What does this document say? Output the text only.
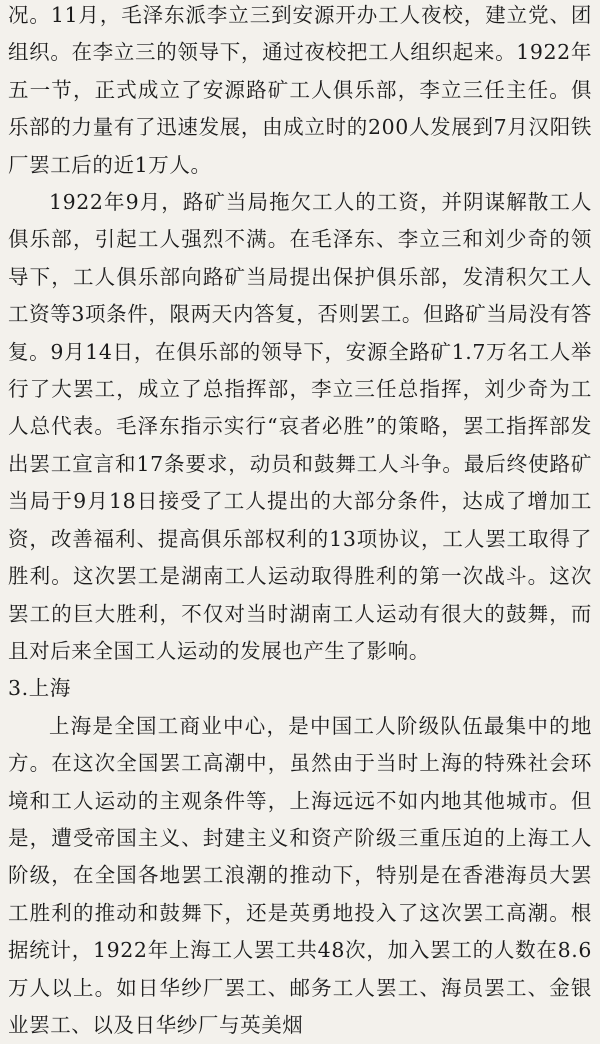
况。11月，毛泽东派李立三到安源开办工人夜校，建立党、团组织。在李立三的领导下，通过夜校把工人组织起来。1922年五一节，正式成立了安源路矿工人俱乐部，李立三任主任。俱乐部的力量有了迅速发展，由成立时的200人发展到7月汉阳铁厂罢工后的近1万人。

1922年9月，路矿当局拖欠工人的工资，并阴谋解散工人俱乐部，引起工人强烈不满。在毛泽东、李立三和刘少奇的领导下，工人俱乐部向路矿当局提出保护俱乐部，发清积欠工人工资等3项条件，限两天内答复，否则罢工。但路矿当局没有答复。9月14日，在俱乐部的领导下，安源全路矿1.7万名工人举行了大罢工，成立了总指挥部，李立三任总指挥，刘少奇为工人总代表。毛泽东指示实行“哀者必胜”的策略，罢工指挥部发出罢工宣言和17条要求，动员和鼓舞工人斗争。最后终使路矿当局于9月18日接受了工人提出的大部分条件，达成了增加工资，改善福利、提高俱乐部权利的13项协议，工人罢工取得了胜利。这次罢工是湖南工人运动取得胜利的第一次战斗。这次罢工的巨大胜利，不仅对当时湖南工人运动有很大的鼓舞，而且对后来全国工人运动的发展也产生了影响。

3.上海

上海是全国工商业中心，是中国工人阶级队伍最集中的地方。在这次全国罢工高潮中，虽然由于当时上海的特殊社会环境和工人运动的主观条件等，上海远远不如内地其他城市。但是，遭受帝国主义、封建主义和资产阶级三重压迫的上海工人阶级，在全国各地罢工浪潮的推动下，特别是在香港海员大罢工胜利的推动和鼓舞下，还是英勇地投入了这次罢工高潮。根据统计，1922年上海工人罢工共48次，加入罢工的人数在8.6万人以上。如日华纱厂罢工、邮务工人罢工、海员罢工、金银业罢工、以及日华纱厂与英美烟
